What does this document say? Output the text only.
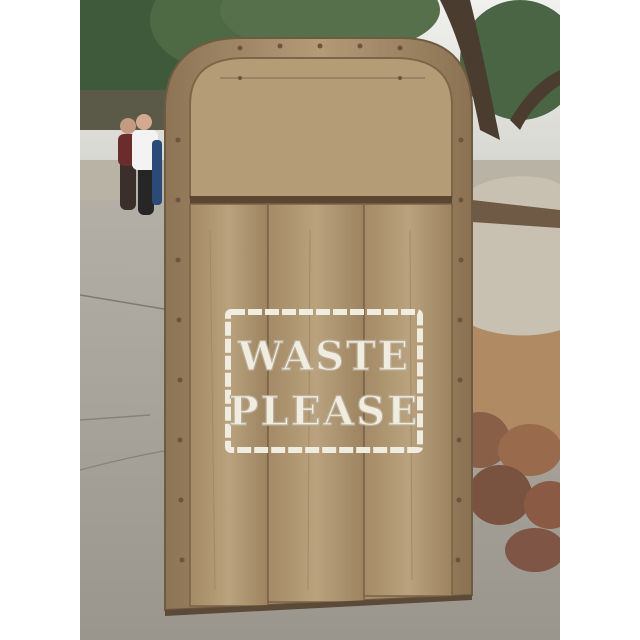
WASTE
PLEASE
